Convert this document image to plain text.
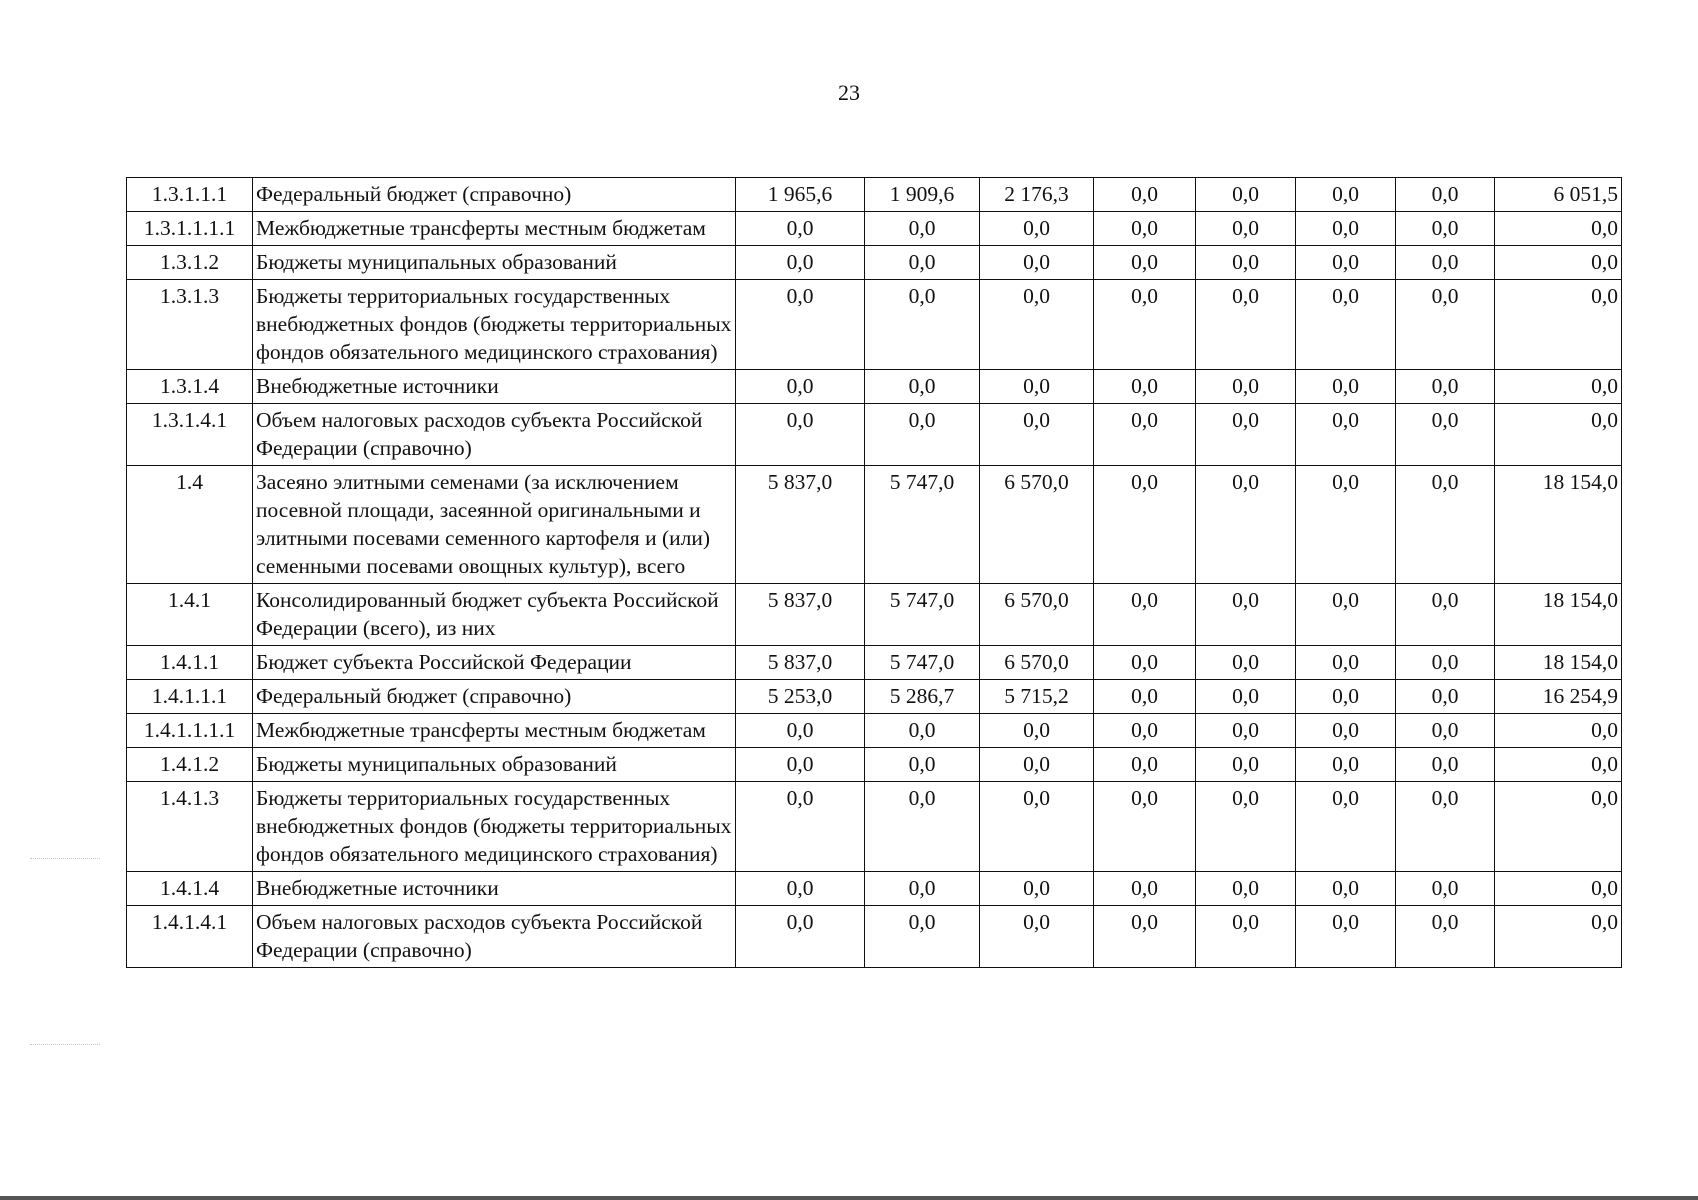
23
1.3.1.1.1	Федеральный бюджет (справочно)	1 965,6	1 909,6	2 176,3	0,0	0,0	0,0	0,0	6 051,5
1.3.1.1.1.1	Межбюджетные трансферты местным бюджетам	0,0	0,0	0,0	0,0	0,0	0,0	0,0	0,0
1.3.1.2	Бюджеты муниципальных образований	0,0	0,0	0,0	0,0	0,0	0,0	0,0	0,0
1.3.1.3	Бюджеты территориальных государственных внебюджетных фондов (бюджеты территориальных фондов обязательного медицинского страхования)	0,0	0,0	0,0	0,0	0,0	0,0	0,0	0,0
1.3.1.4	Внебюджетные источники	0,0	0,0	0,0	0,0	0,0	0,0	0,0	0,0
1.3.1.4.1	Объем налоговых расходов субъекта Российской Федерации (справочно)	0,0	0,0	0,0	0,0	0,0	0,0	0,0	0,0
1.4	Засеяно элитными семенами (за исключением посевной площади, засеянной оригинальными и элитными посевами семенного картофеля и (или) семенными посевами овощных культур), всего	5 837,0	5 747,0	6 570,0	0,0	0,0	0,0	0,0	18 154,0
1.4.1	Консолидированный бюджет субъекта Российской Федерации (всего), из них	5 837,0	5 747,0	6 570,0	0,0	0,0	0,0	0,0	18 154,0
1.4.1.1	Бюджет субъекта Российской Федерации	5 837,0	5 747,0	6 570,0	0,0	0,0	0,0	0,0	18 154,0
1.4.1.1.1	Федеральный бюджет (справочно)	5 253,0	5 286,7	5 715,2	0,0	0,0	0,0	0,0	16 254,9
1.4.1.1.1.1	Межбюджетные трансферты местным бюджетам	0,0	0,0	0,0	0,0	0,0	0,0	0,0	0,0
1.4.1.2	Бюджеты муниципальных образований	0,0	0,0	0,0	0,0	0,0	0,0	0,0	0,0
1.4.1.3	Бюджеты территориальных государственных внебюджетных фондов (бюджеты территориальных фондов обязательного медицинского страхования)	0,0	0,0	0,0	0,0	0,0	0,0	0,0	0,0
1.4.1.4	Внебюджетные источники	0,0	0,0	0,0	0,0	0,0	0,0	0,0	0,0
1.4.1.4.1	Объем налоговых расходов субъекта Российской Федерации (справочно)	0,0	0,0	0,0	0,0	0,0	0,0	0,0	0,0
